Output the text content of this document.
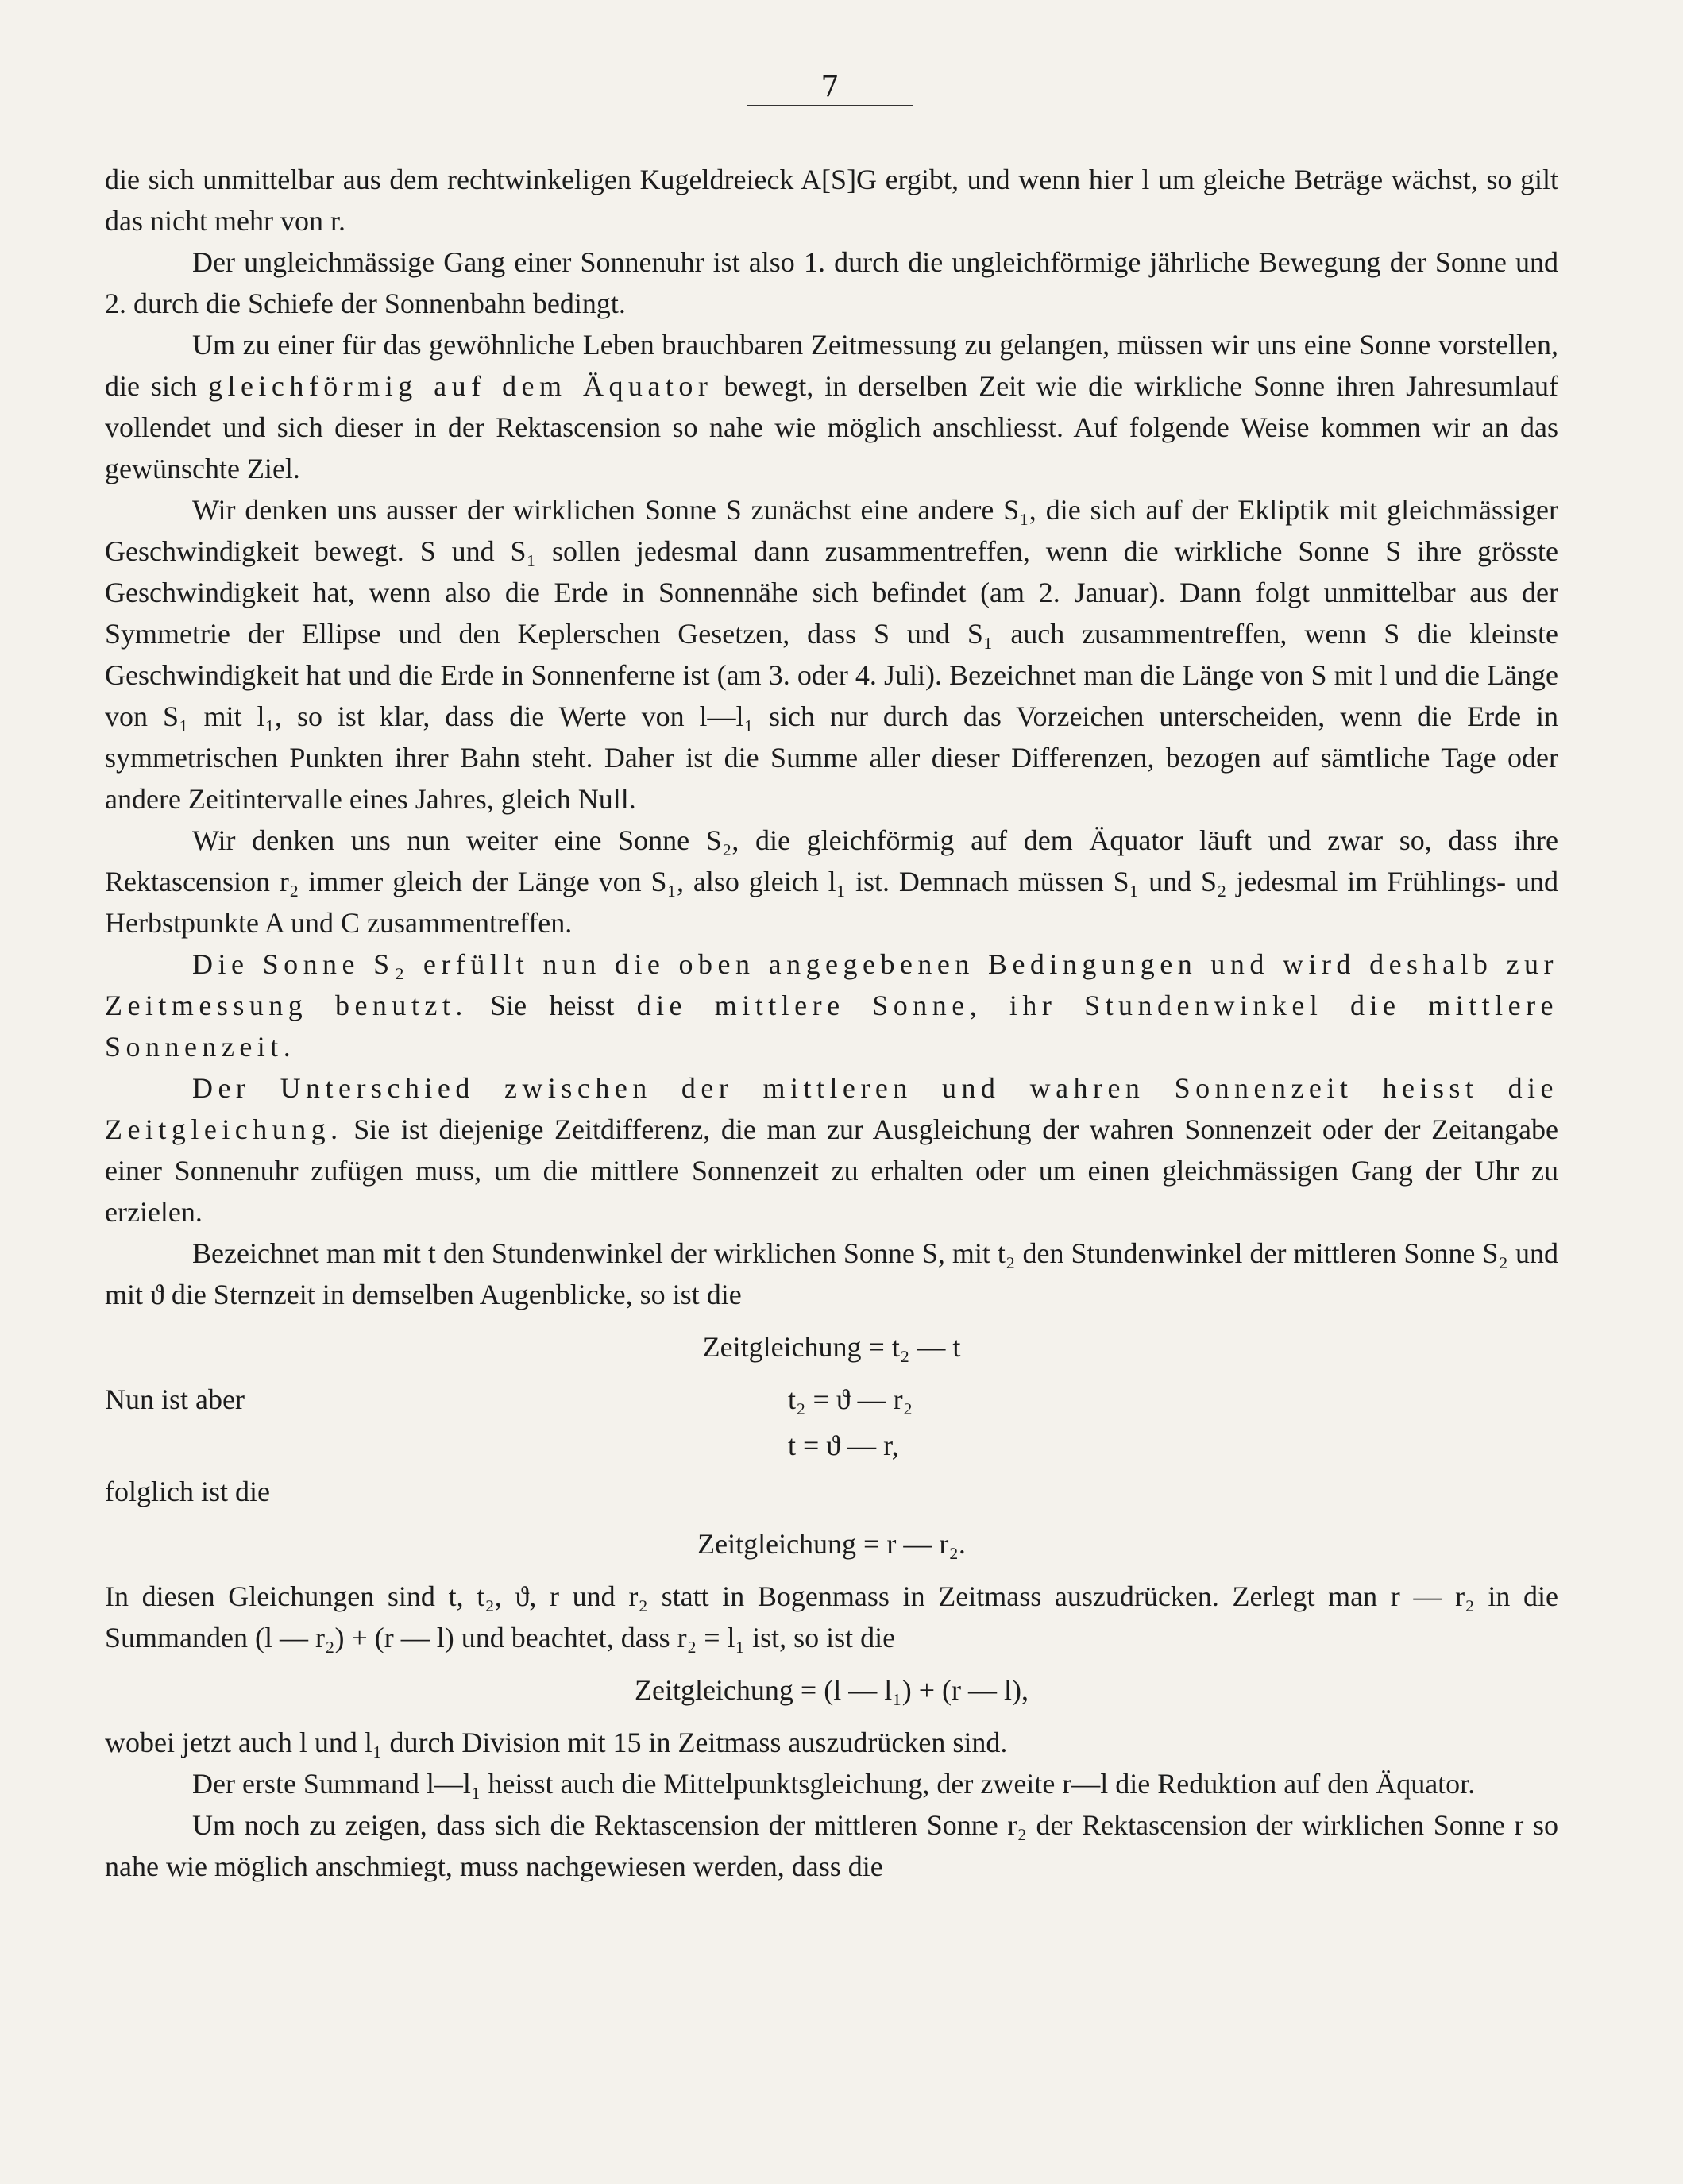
7

die sich unmittelbar aus dem rechtwinkeligen Kugeldreieck A[S]G ergibt, und wenn hier l um gleiche Beträge wächst, so gilt das nicht mehr von r.

Der ungleichmässige Gang einer Sonnenuhr ist also 1. durch die ungleichförmige jährliche Bewegung der Sonne und 2. durch die Schiefe der Sonnenbahn bedingt.

Um zu einer für das gewöhnliche Leben brauchbaren Zeitmessung zu gelangen, müssen wir uns eine Sonne vorstellen, die sich gleichförmig auf dem Äquator bewegt, in derselben Zeit wie die wirkliche Sonne ihren Jahresumlauf vollendet und sich dieser in der Rektascension so nahe wie möglich anschliesst. Auf folgende Weise kommen wir an das gewünschte Ziel.

Wir denken uns ausser der wirklichen Sonne S zunächst eine andere S₁, die sich auf der Ekliptik mit gleichmässiger Geschwindigkeit bewegt. S und S₁ sollen jedesmal dann zusammentreffen, wenn die wirkliche Sonne S ihre grösste Geschwindigkeit hat, wenn also die Erde in Sonnennähe sich befindet (am 2. Januar). Dann folgt unmittelbar aus der Symmetrie der Ellipse und den Keplerschen Gesetzen, dass S und S₁ auch zusammentreffen, wenn S die kleinste Geschwindigkeit hat und die Erde in Sonnenferne ist (am 3. oder 4. Juli). Bezeichnet man die Länge von S mit l und die Länge von S₁ mit l₁, so ist klar, dass die Werte von l—l₁ sich nur durch das Vorzeichen unterscheiden, wenn die Erde in symmetrischen Punkten ihrer Bahn steht. Daher ist die Summe aller dieser Differenzen, bezogen auf sämtliche Tage oder andere Zeitintervalle eines Jahres, gleich Null.

Wir denken uns nun weiter eine Sonne S₂, die gleichförmig auf dem Äquator läuft und zwar so, dass ihre Rektascension r₂ immer gleich der Länge von S₁, also gleich l₁ ist. Demnach müssen S₁ und S₂ jedesmal im Frühlings- und Herbstpunkte A und C zusammentreffen.

Die Sonne S₂ erfüllt nun die oben angegebenen Bedingungen und wird deshalb zur Zeitmessung benutzt. Sie heisst die mittlere Sonne, ihr Stundenwinkel die mittlere Sonnenzeit.

Der Unterschied zwischen der mittleren und wahren Sonnenzeit heisst die Zeitgleichung. Sie ist diejenige Zeitdifferenz, die man zur Ausgleichung der wahren Sonnenzeit oder der Zeitangabe einer Sonnenuhr zufügen muss, um die mittlere Sonnenzeit zu erhalten oder um einen gleichmässigen Gang der Uhr zu erzielen.

Bezeichnet man mit t den Stundenwinkel der wirklichen Sonne S, mit t₂ den Stundenwinkel der mittleren Sonne S₂ und mit ϑ die Sternzeit in demselben Augenblicke, so ist die

Zeitgleichung = t₂ — t

Nun ist aber	t₂ = ϑ — r₂
t = ϑ — r,
folglich ist die

Zeitgleichung = r — r₂.

In diesen Gleichungen sind t, t₂, ϑ, r und r₂ statt in Bogenmass in Zeitmass auszudrücken. Zerlegt man r — r₂ in die Summanden (l — r₂) + (r — l) und beachtet, dass r₂ = l₁ ist, so ist die

Zeitgleichung = (l — l₁) + (r — l),

wobei jetzt auch l und l₁ durch Division mit 15 in Zeitmass auszudrücken sind.

Der erste Summand l—l₁ heisst auch die Mittelpunktsgleichung, der zweite r—l die Reduktion auf den Äquator.

Um noch zu zeigen, dass sich die Rektascension der mittleren Sonne r₂ der Rektascension der wirklichen Sonne r so nahe wie möglich anschmiegt, muss nachgewiesen werden, dass die
